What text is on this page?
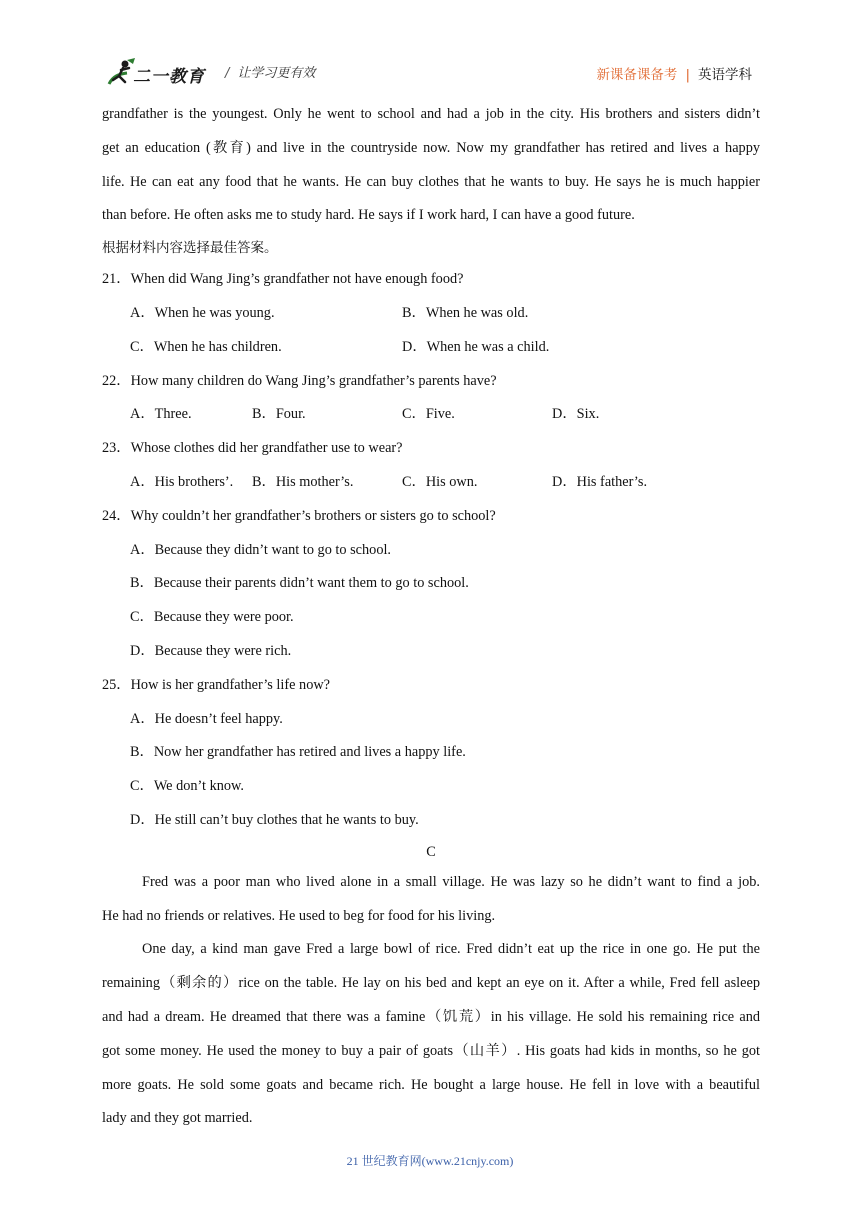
二一教育 / 让学习更有效	新课备课备考 | 英语学科
grandfather is the youngest. Only he went to school and had a job in the city. His brothers and sisters didn’t
get an education (教育) and live in the countryside now. Now my grandfather has retired and lives a happy
life. He can eat any food that he wants. He can buy clothes that he wants to buy. He says he is much happier
than before. He often asks me to study hard. He says if I work hard, I can have a good future.
根据材料内容选择最佳答案。
21．When did Wang Jing’s grandfather not have enough food?
A．When he was young.	B．When he was old.
C．When he has children.	D．When he was a child.
22．How many children do Wang Jing’s grandfather’s parents have?
A．Three.	B．Four.	C．Five.	D．Six.
23．Whose clothes did her grandfather use to wear?
A．His brothers’. B．His mother’s.	C．His own.	D．His father’s.
24．Why couldn’t her grandfather’s brothers or sisters go to school?
A．Because they didn’t want to go to school.
B．Because their parents didn’t want them to go to school.
C．Because they were poor.
D．Because they were rich.
25．How is her grandfather’s life now?
A．He doesn’t feel happy.
B．Now her grandfather has retired and lives a happy life.
C．We don’t know.
D．He still can’t buy clothes that he wants to buy.
C
Fred was a poor man who lived alone in a small village. He was lazy so he didn’t want to find a job.
He had no friends or relatives. He used to beg for food for his living.
One day, a kind man gave Fred a large bowl of rice. Fred didn’t eat up the rice in one go. He put the
remaining（剩余的）rice on the table. He lay on his bed and kept an eye on it. After a while, Fred fell asleep
and had a dream. He dreamed that there was a famine（饥荒）in his village. He sold his remaining rice and
got some money. He used the money to buy a pair of goats（山羊）. His goats had kids in months, so he got
more goats. He sold some goats and became rich. He bought a large house. He fell in love with a beautiful
lady and they got married.
21 世纪教育网(www.21cnjy.com)
